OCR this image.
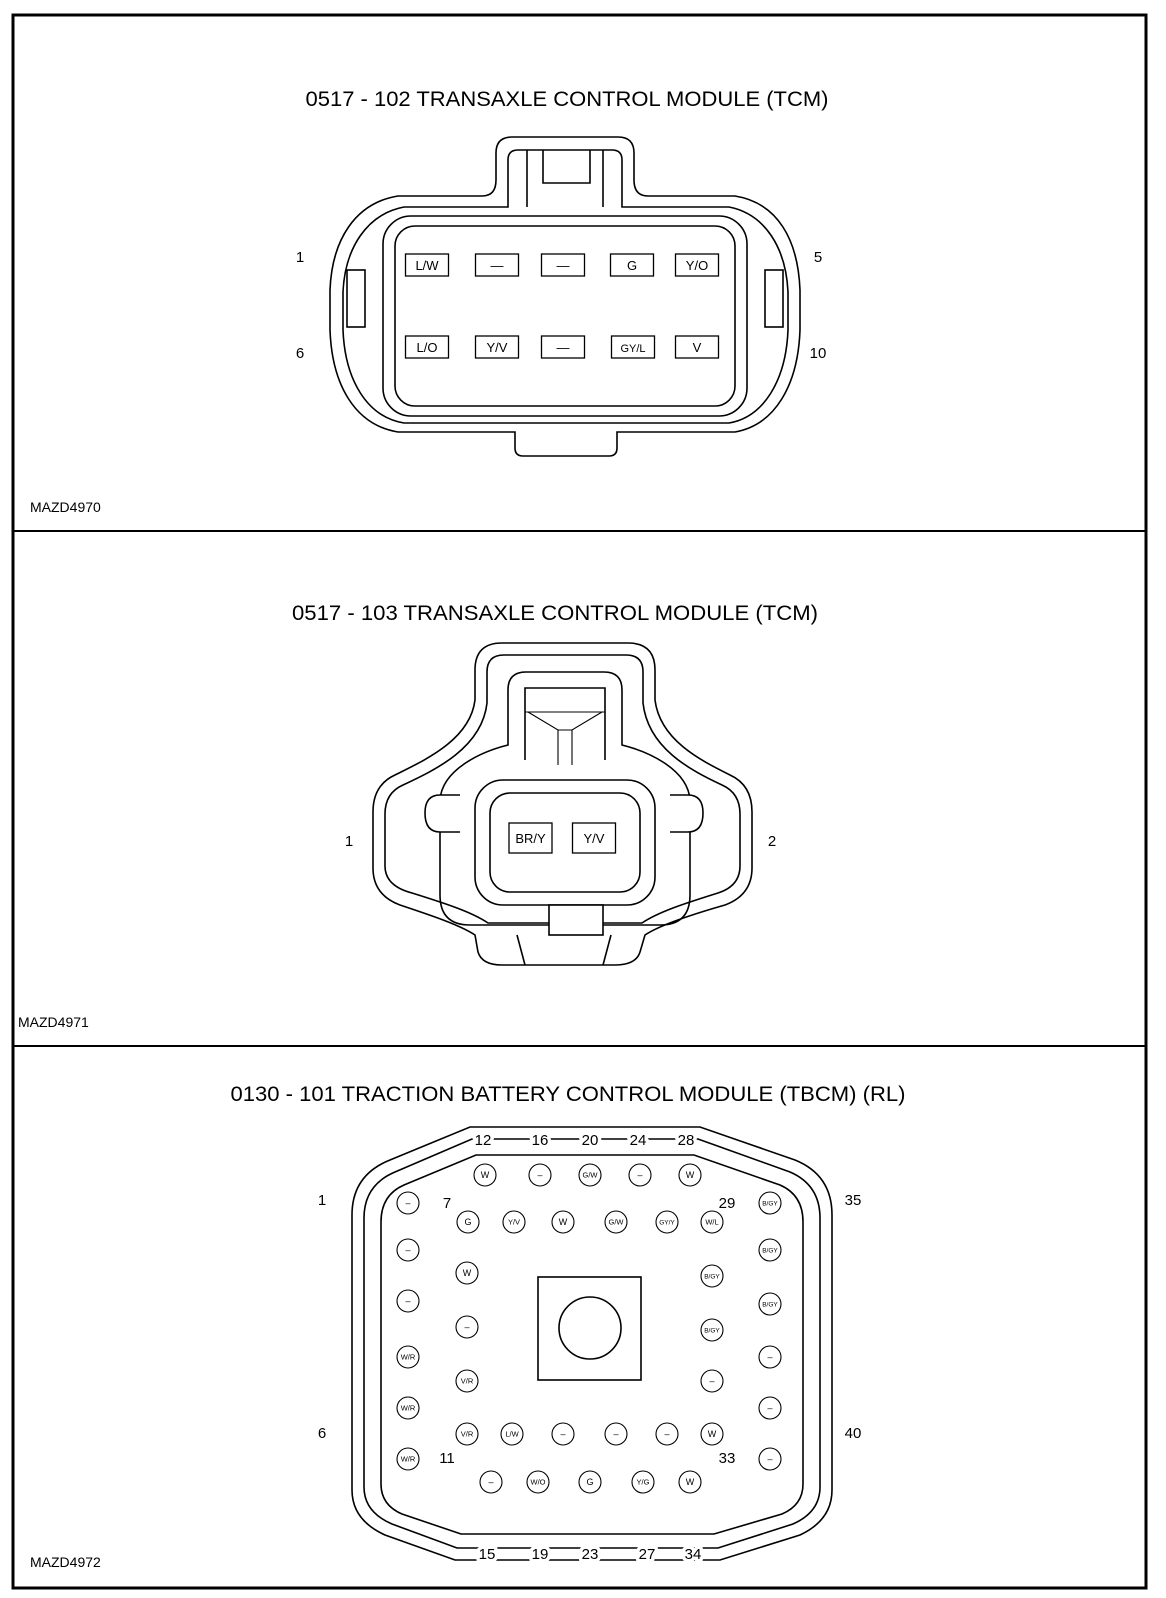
0517 - 102 TRANSAXLE CONTROL MODULE (TCM)
L/W	—	—	G	Y/O
L/O	Y/V	—	GY/L	V
1	5
6	10
MAZD4970
0517 - 103 TRANSAXLE CONTROL MODULE (TCM)
BR/Y	Y/V
1	2
MAZD4971
0130 - 101 TRACTION BATTERY CONTROL MODULE (TBCM) (RL)
W	–	G/W	–	W
G	Y/V	W	G/W	GY/Y	W/L
–
–
–
W/R
W/R
W/R
B/GY
B/GY
B/GY
–
–
–
W
–
V/R
V/R
B/GY
B/GY
–
W
L/W	–	–	–
–	W/O	G	Y/G	W
12	16 20 24 28
15 19 23	27 34
1
6
35
40
7	29
11	33
MAZD4972
